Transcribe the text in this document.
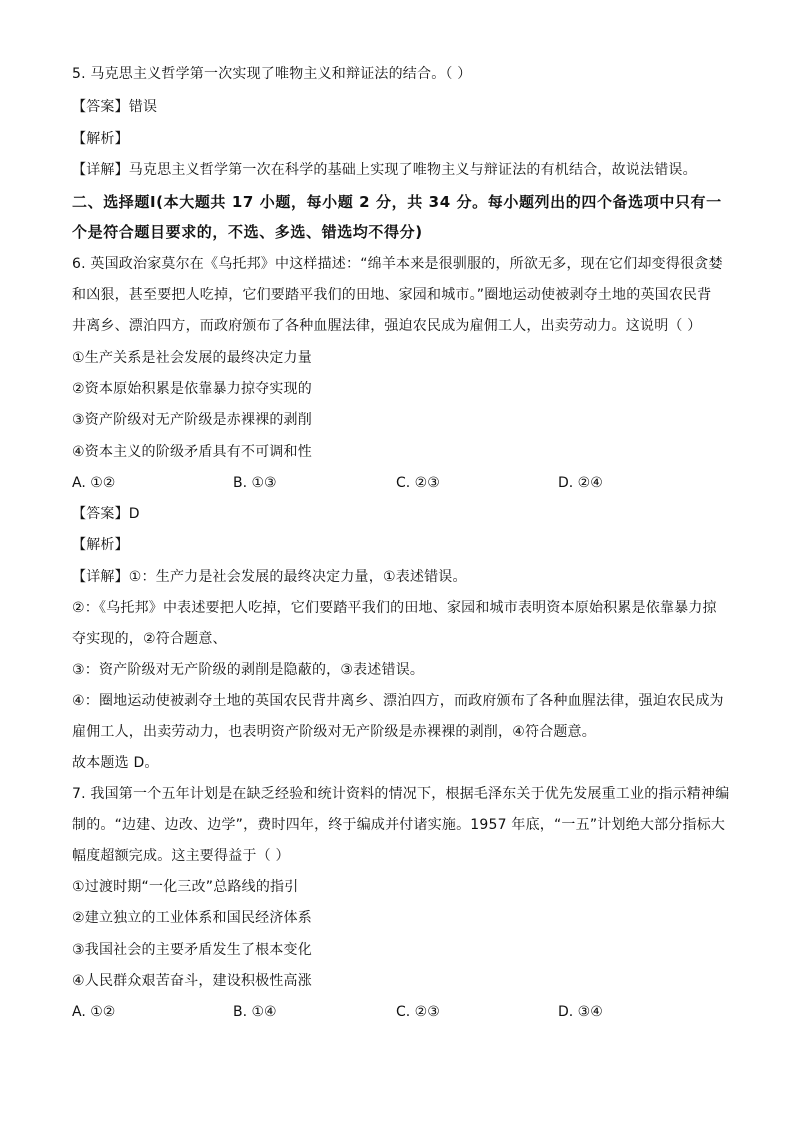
5. 马克思主义哲学第一次实现了唯物主义和辩证法的结合。（ ）
【答案】错误
【解析】
【详解】马克思主义哲学第一次在科学的基础上实现了唯物主义与辩证法的有机结合，故说法错误。
二、选择题Ⅰ(本大题共 17 小题，每小题 2 分，共 34 分。每小题列出的四个备选项中只有一
个是符合题目要求的，不选、多选、错选均不得分)
6. 英国政治家莫尔在《乌托邦》中这样描述：“绵羊本来是很驯服的，所欲无多，现在它们却变得很贪婪
和凶狠，甚至要把人吃掉，它们要踏平我们的田地、家园和城市。”圈地运动使被剥夺土地的英国农民背
井离乡、漂泊四方，而政府颁布了各种血腥法律，强迫农民成为雇佣工人，出卖劳动力。这说明（ ）
①生产关系是社会发展的最终决定力量
②资本原始积累是依靠暴力掠夺实现的
③资产阶级对无产阶级是赤裸裸的剥削
④资本主义的阶级矛盾具有不可调和性
A. ①②	B. ①③	C. ②③	D. ②④
【答案】D
【解析】
【详解】①：生产力是社会发展的最终决定力量，①表述错误。
②：《乌托邦》中表述要把人吃掉，它们要踏平我们的田地、家园和城市表明资本原始积累是依靠暴力掠
夺实现的，②符合题意、
③：资产阶级对无产阶级的剥削是隐蔽的，③表述错误。
④：圈地运动使被剥夺土地的英国农民背井离乡、漂泊四方，而政府颁布了各种血腥法律，强迫农民成为
雇佣工人，出卖劳动力，也表明资产阶级对无产阶级是赤裸裸的剥削，④符合题意。
故本题选 D。
7. 我国第一个五年计划是在缺乏经验和统计资料的情况下，根据毛泽东关于优先发展重工业的指示精神编
制的。“边建、边改、边学”，费时四年，终于编成并付诸实施。1957 年底，“一五”计划绝大部分指标大
幅度超额完成。这主要得益于（ ）
①过渡时期“一化三改”总路线的指引
②建立独立的工业体系和国民经济体系
③我国社会的主要矛盾发生了根本变化
④人民群众艰苦奋斗，建设积极性高涨
A. ①②	B. ①④	C. ②③	D. ③④
